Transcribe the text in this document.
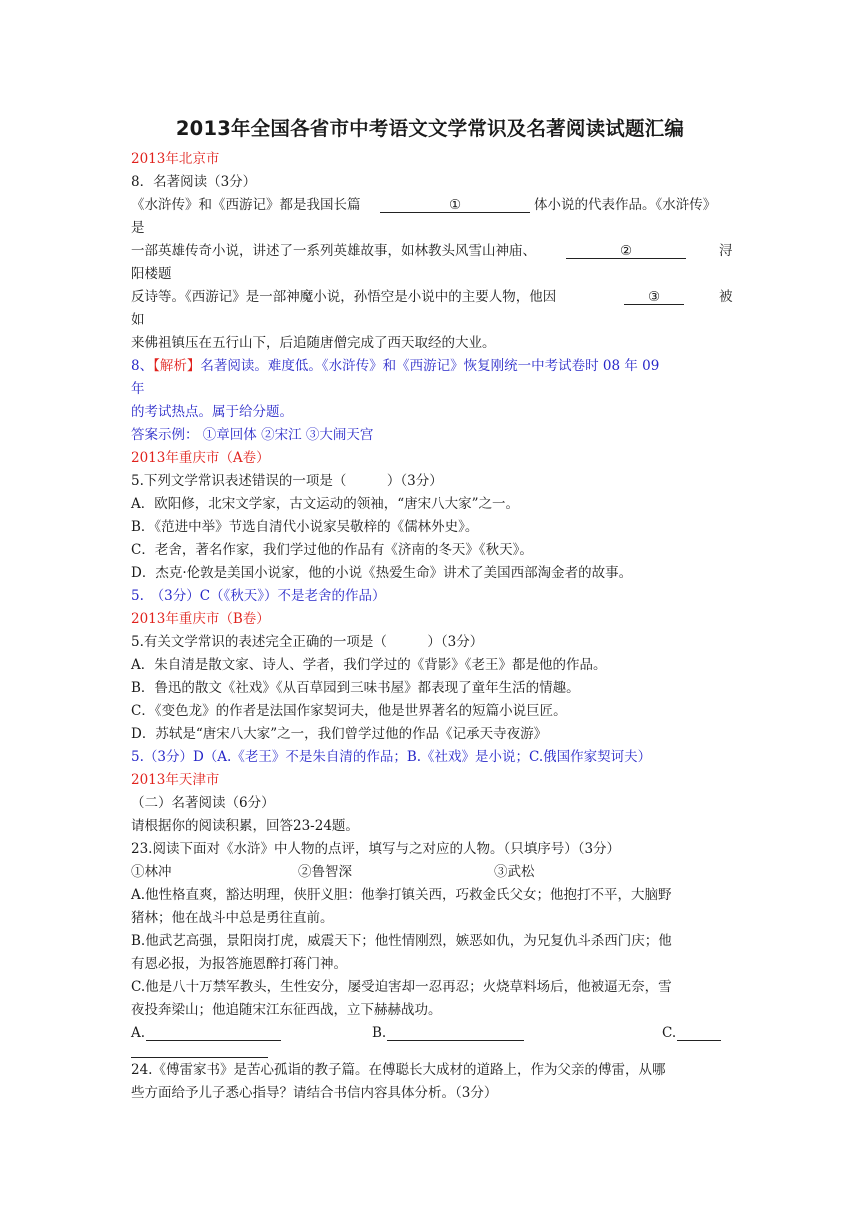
2013年全国各省市中考语文文学常识及名著阅读试题汇编
2013年北京市
8．名著阅读（3分）
《水浒传》和《西游记》都是我国长篇	①	体小说的代表作品。《水浒传》
是
一部英雄传奇小说，讲述了一系列英雄故事，如林教头风雪山神庙、	②	浔
阳楼题
反诗等。《西游记》是一部神魔小说，孙悟空是小说中的主要人物，他因	③	被
如
来佛祖镇压在五行山下，后追随唐僧完成了西天取经的大业。
8、【解析】名著阅读。难度低。《水浒传》和《西游记》恢复刚统一中考试卷时 08 年 09
年
的考试热点。属于给分题。
答案示例： ①章回体 ②宋江 ③大闹天宫
2013年重庆市（A卷）
5.下列文学常识表述错误的一项是（　　　）（3分）
A．欧阳修，北宋文学家，古文运动的领袖，“唐宋八大家”之一。
B．《范进中举》节选自清代小说家吴敬梓的《儒林外史》。
C．老舍，著名作家，我们学过他的作品有《济南的冬天》《秋天》。
D．杰克·伦敦是美国小说家，他的小说《热爱生命》讲术了美国西部淘金者的故事。
5.　（3分）C（《秋天》）不是老舍的作品）
2013年重庆市（B卷）
5.有关文学常识的表述完全正确的一项是（　　　）（3分）
A．朱自清是散文家、诗人、学者，我们学过的《背影》《老王》都是他的作品。
B．鲁迅的散文《社戏》《从百草园到三味书屋》都表现了童年生活的情趣。
C．《变色龙》的作者是法国作家契诃夫，他是世界著名的短篇小说巨匠。
D．苏轼是“唐宋八大家”之一，我们曾学过他的作品《记承天寺夜游》
5.（3分）D（A.《老王》不是朱自清的作品；B.《社戏》是小说；C.俄国作家契诃夫）
2013年天津市
（二）名著阅读（6分）
请根据你的阅读积累，回答23-24题。
23.阅读下面对《水浒》中人物的点评，填写与之对应的人物。（只填序号）（3分）
①林冲	②鲁智深	③武松
A.他性格直爽，豁达明理，侠肝义胆：他拳打镇关西，巧救金氏父女；他抱打不平，大脑野
猪林；他在战斗中总是勇往直前。
B.他武艺高强，景阳岗打虎，威震天下；他性情刚烈，嫉恶如仇，为兄复仇斗杀西门庆；他
有恩必报，为报答施恩醉打蒋门神。
C.他是八十万禁军教头，生性安分，屡受迫害却一忍再忍；火烧草料场后，他被逼无奈，雪
夜投奔梁山；他追随宋江东征西战，立下赫赫战功。
A.	B.	C.
24.《傅雷家书》是苦心孤诣的教子篇。在傅聪长大成材的道路上，作为父亲的傅雷，从哪
些方面给予儿子悉心指导？请结合书信内容具体分析。（3分）
